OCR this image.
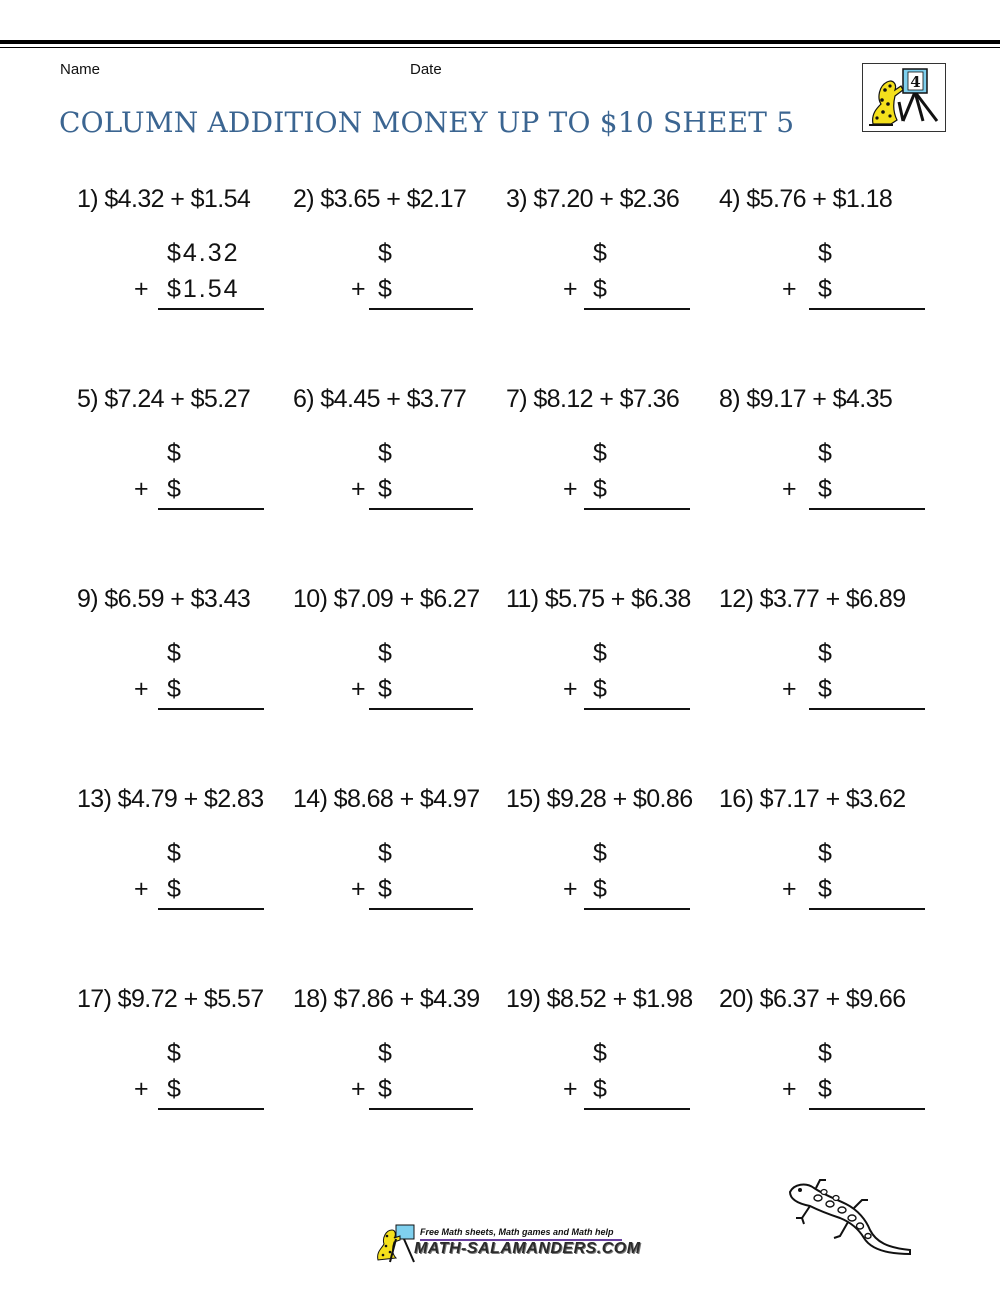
Name	Date
COLUMN ADDITION MONEY UP TO $10 SHEET 5
4
1) $4.32 + $1.54
$4.32
+ $1.54
2) $3.65 + $2.17
$
+ $
3) $7.20 + $2.36
$
+ $
4) $5.76 + $1.18
$
+ $
5) $7.24 + $5.27
$
+ $
6) $4.45 + $3.77
$
+ $
7) $8.12 + $7.36
$
+ $
8) $9.17 + $4.35
$
+ $
9) $6.59 + $3.43
$
+ $
10) $7.09 + $6.27
$
+ $
11) $5.75 + $6.38
$
+ $
12) $3.77 + $6.89
$
+ $
13) $4.79 + $2.83
$
+ $
14) $8.68 + $4.97
$
+ $
15) $9.28 + $0.86
$
+ $
16) $7.17 + $3.62
$
+ $
17) $9.72 + $5.57
$
+ $
18) $7.86 + $4.39
$
+ $
19) $8.52 + $1.98
$
+ $
20) $6.37 + $9.66
$
+ $
Free Math sheets, Math games and Math help
MATH-SALAMANDERS.COM
